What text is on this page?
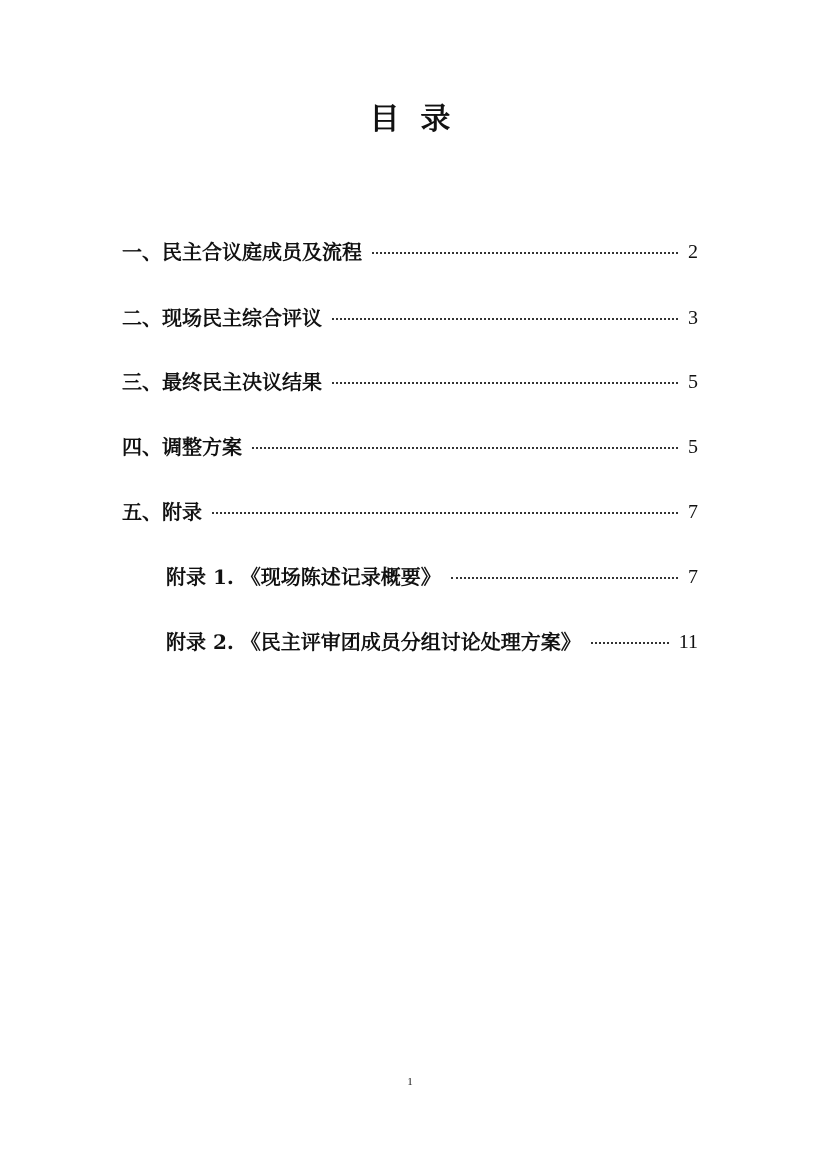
目  录
一、民主合议庭成员及流程	2
二、现场民主综合评议	3
三、最终民主决议结果	5
四、调整方案	5
五、附录	7
附录 1. 《现场陈述记录概要》	7
附录 2. 《民主评审团成员分组讨论处理方案》	11
1
